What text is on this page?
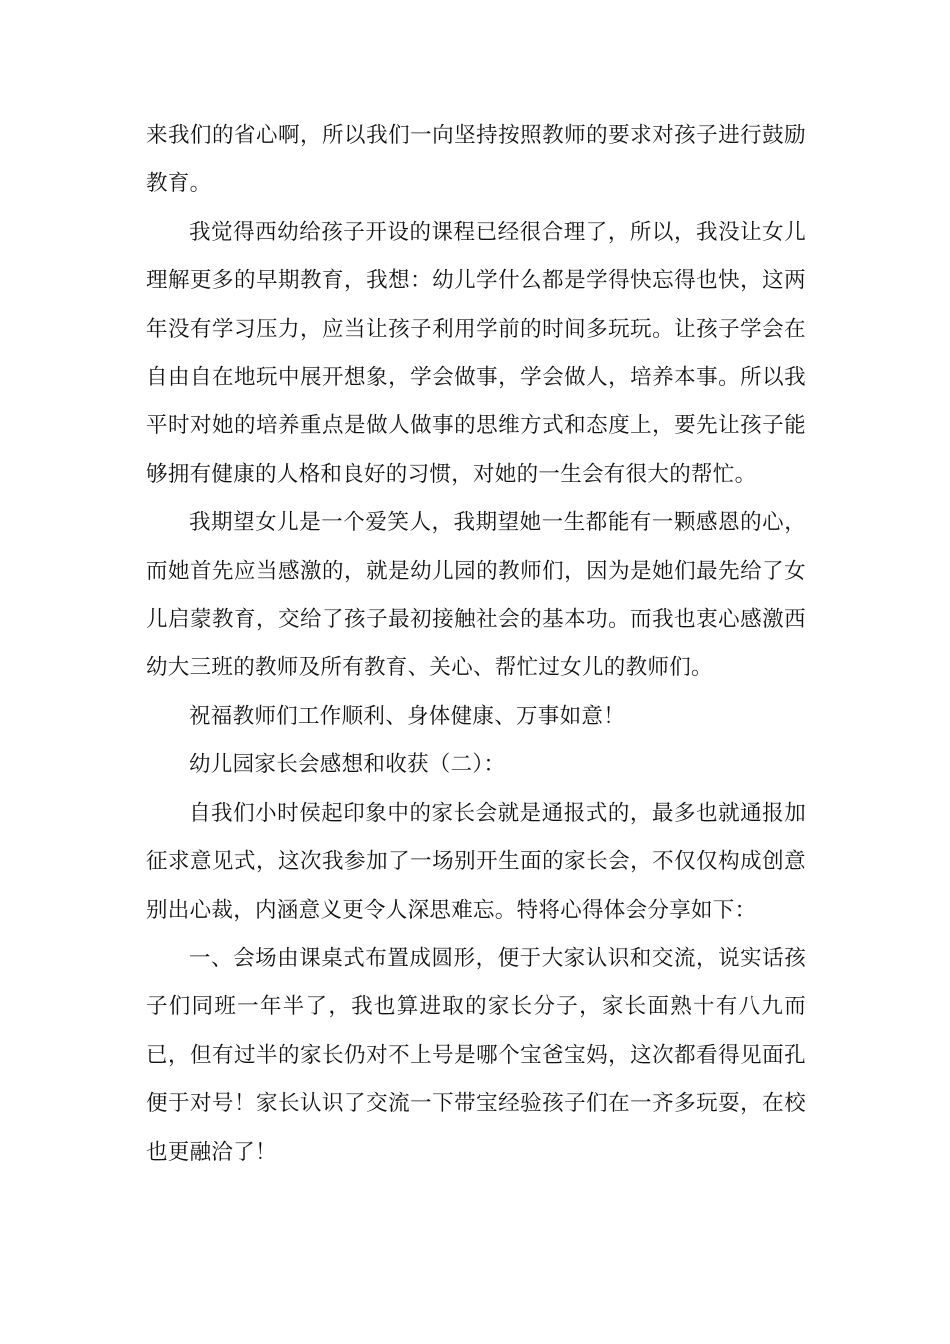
来我们的省心啊，所以我们一向坚持按照教师的要求对孩子进行鼓励教育。

我觉得西幼给孩子开设的课程已经很合理了，所以，我没让女儿理解更多的早期教育，我想：幼儿学什么都是学得快忘得也快，这两年没有学习压力，应当让孩子利用学前的时间多玩玩。让孩子学会在自由自在地玩中展开想象，学会做事，学会做人，培养本事。所以我平时对她的培养重点是做人做事的思维方式和态度上，要先让孩子能够拥有健康的人格和良好的习惯，对她的一生会有很大的帮忙。

我期望女儿是一个爱笑人，我期望她一生都能有一颗感恩的心，而她首先应当感激的，就是幼儿园的教师们，因为是她们最先给了女儿启蒙教育，交给了孩子最初接触社会的基本功。而我也衷心感激西幼大三班的教师及所有教育、关心、帮忙过女儿的教师们。

祝福教师们工作顺利、身体健康、万事如意！

幼儿园家长会感想和收获（二）：

自我们小时侯起印象中的家长会就是通报式的，最多也就通报加征求意见式，这次我参加了一场别开生面的家长会，不仅仅构成创意别出心裁，内涵意义更令人深思难忘。特将心得体会分享如下：

一、会场由课桌式布置成圆形，便于大家认识和交流，说实话孩子们同班一年半了，我也算进取的家长分子，家长面熟十有八九而已，但有过半的家长仍对不上号是哪个宝爸宝妈，这次都看得见面孔便于对号！家长认识了交流一下带宝经验孩子们在一齐多玩耍，在校也更融洽了！
